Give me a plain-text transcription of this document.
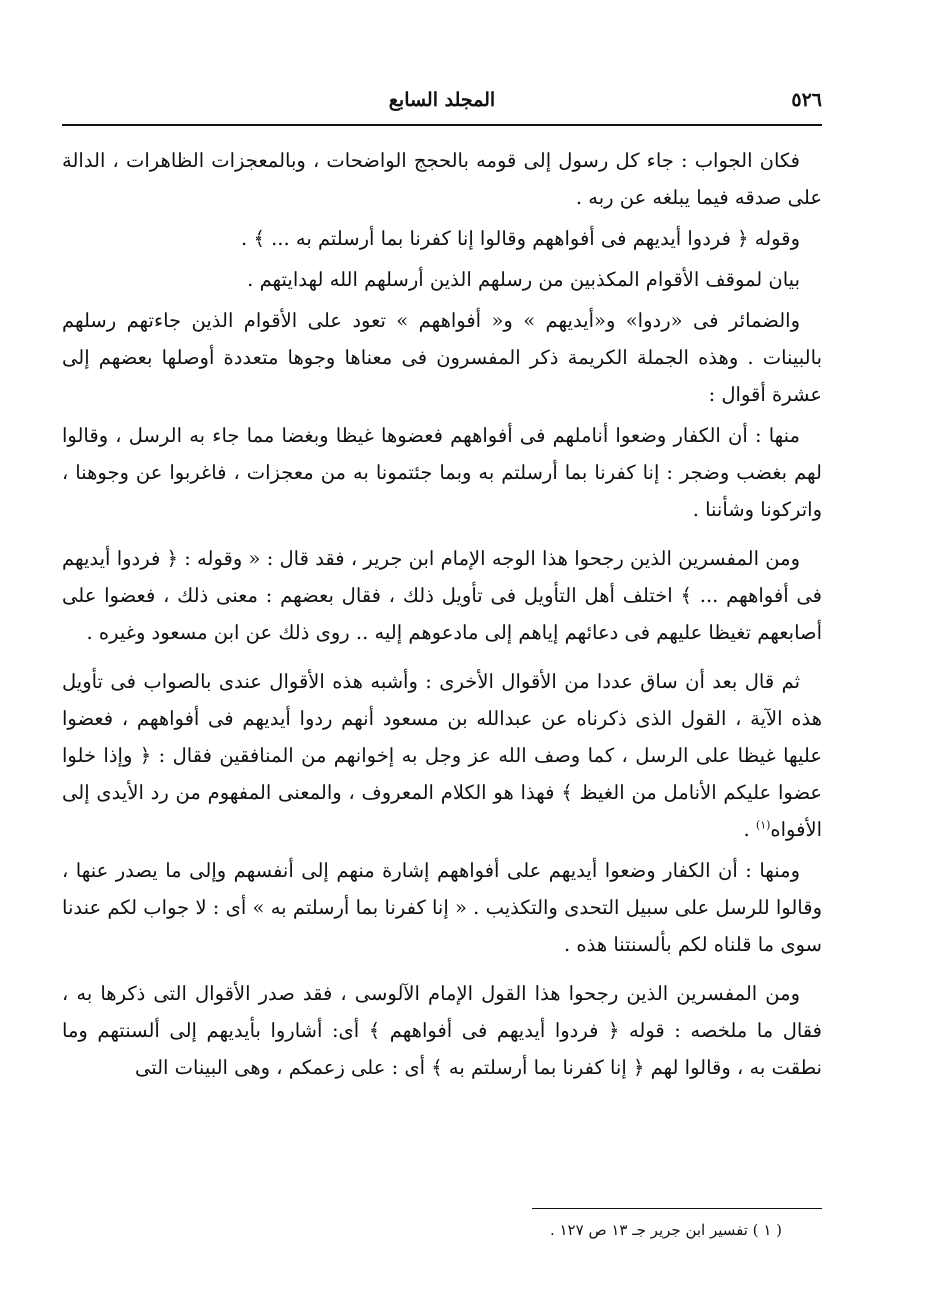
٥٢٦
المجلد السابع

فكان الجواب : جاء كل رسول إلى قومه بالحجج الواضحات ، وبالمعجزات الظاهرات ، الدالة على صدقه فيما يبلغه عن ربه .

وقوله ﴿ فردوا أيديهم فى أفواههم وقالوا إنا كفرنا بما أرسلتم به ... ﴾ .

بيان لموقف الأقوام المكذبين من رسلهم الذين أرسلهم الله لهدايتهم .

والضمائر فى «ردوا» و«أيديهم » و« أفواههم » تعود على الأقوام الذين جاءتهم رسلهم بالبينات . وهذه الجملة الكريمة ذكر المفسرون فى معناها وجوها متعددة أوصلها بعضهم إلى عشرة أقوال :

منها : أن الكفار وضعوا أناملهم فى أفواههم فعضوها غيظا وبغضا مما جاء به الرسل ، وقالوا لهم بغضب وضجر : إنا كفرنا بما أرسلتم به وبما جئتمونا به من معجزات ، فاغربوا عن وجوهنا ، واتركونا وشأننا .

ومن المفسرين الذين رجحوا هذا الوجه الإمام ابن جرير ، فقد قال : « وقوله : ﴿ فردوا أيديهم فى أفواههم ... ﴾ اختلف أهل التأويل فى تأويل ذلك ، فقال بعضهم : معنى ذلك ، فعضوا على أصابعهم تغيظا عليهم فى دعائهم إياهم إلى مادعوهم إليه .. روى ذلك عن ابن مسعود وغيره .

ثم قال بعد أن ساق عددا من الأقوال الأخرى : وأشبه هذه الأقوال عندى بالصواب فى تأويل هذه الآية ، القول الذى ذكرناه عن عبدالله بن مسعود أنهم ردوا أيديهم فى أفواههم ، فعضوا عليها غيظا على الرسل ، كما وصف الله عز وجل به إخوانهم من المنافقين فقال : ﴿ وإذا خلوا عضوا عليكم الأنامل من الغيظ ﴾ فهذا هو الكلام المعروف ، والمعنى المفهوم من رد الأيدى إلى الأفواه$^{(١)}$ .

ومنها : أن الكفار وضعوا أيديهم على أفواههم إشارة منهم إلى أنفسهم وإلى ما يصدر عنها ، وقالوا للرسل على سبيل التحدى والتكذيب . « إنا كفرنا بما أرسلتم به » أى : لا جواب لكم عندنا سوى ما قلناه لكم بألسنتنا هذه .

ومن المفسرين الذين رجحوا هذا القول الإمام الآلوسى ، فقد صدر الأقوال التى ذكرها به ، فقال ما ملخصه : قوله ﴿ فردوا أيديهم فى أفواههم ﴾ أى: أشاروا بأيديهم إلى ألسنتهم وما نطقت به ، وقالوا لهم ﴿ إنا كفرنا بما أرسلتم به ﴾ أى : على زعمكم ، وهى البينات التى

( ١ ) تفسير ابن جرير جـ ١٣ ص ١٢٧ .
